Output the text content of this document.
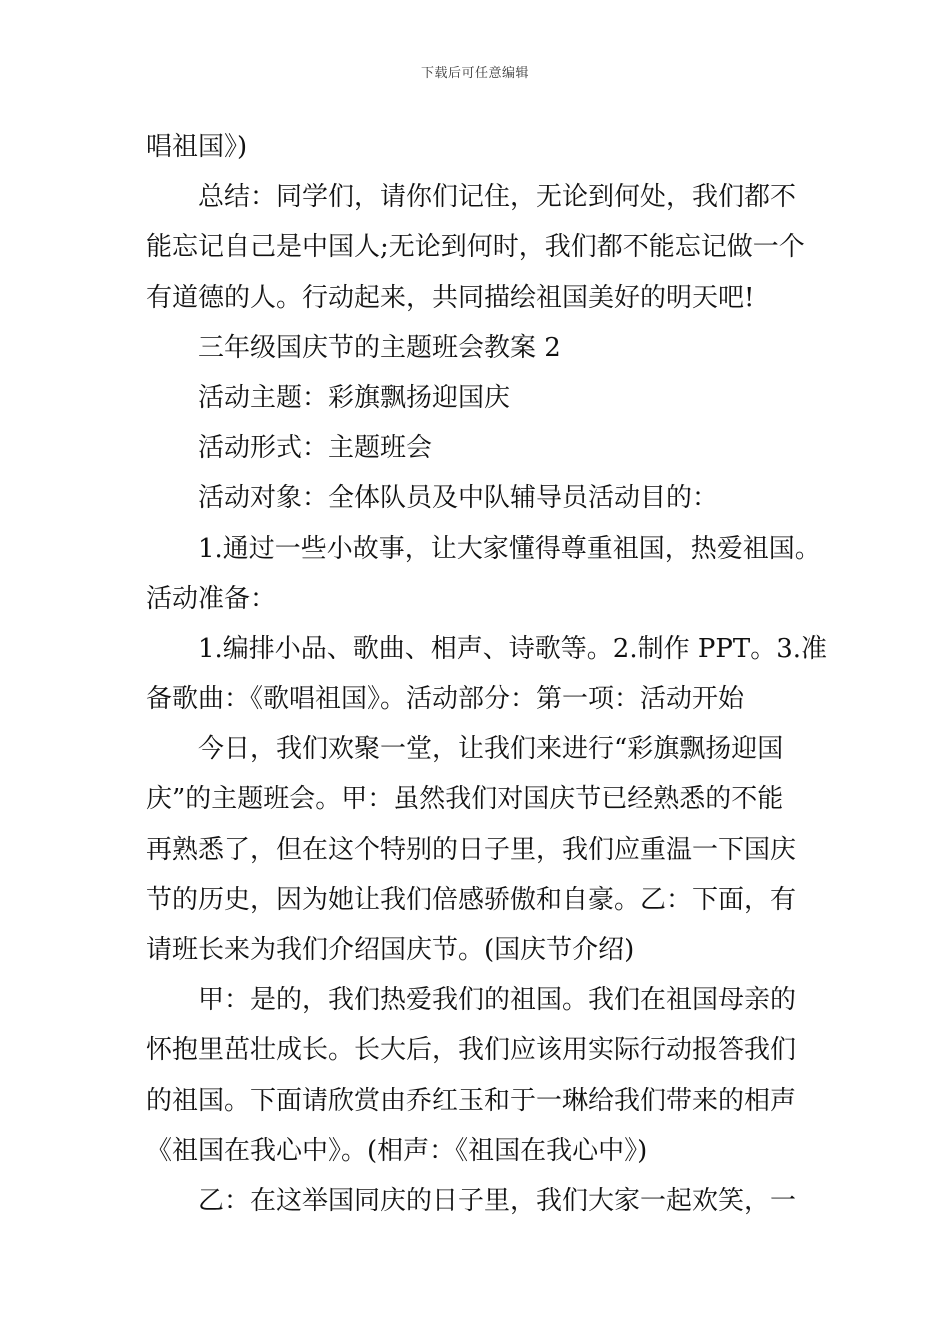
下载后可任意编辑
唱祖国》)
总结：同学们，请你们记住，无论到何处，我们都不
能忘记自己是中国人;无论到何时，我们都不能忘记做一个
有道德的人。行动起来，共同描绘祖国美好的明天吧!
三年级国庆节的主题班会教案 2
活动主题：彩旗飘扬迎国庆
活动形式：主题班会
活动对象：全体队员及中队辅导员活动目的：
1.通过一些小故事，让大家懂得尊重祖国，热爱祖国。
活动准备：
1.编排小品、歌曲、相声、诗歌等。2.制作 PPT。3.准
备歌曲：《歌唱祖国》。活动部分：第一项：活动开始
今日，我们欢聚一堂，让我们来进行“彩旗飘扬迎国
庆”的主题班会。甲：虽然我们对国庆节已经熟悉的不能
再熟悉了，但在这个特别的日子里，我们应重温一下国庆
节的历史，因为她让我们倍感骄傲和自豪。乙：下面，有
请班长来为我们介绍国庆节。(国庆节介绍)
甲：是的，我们热爱我们的祖国。我们在祖国母亲的
怀抱里茁壮成长。长大后，我们应该用实际行动报答我们
的祖国。下面请欣赏由乔红玉和于一琳给我们带来的相声
《祖国在我心中》。(相声：《祖国在我心中》)
乙：在这举国同庆的日子里，我们大家一起欢笑，一
